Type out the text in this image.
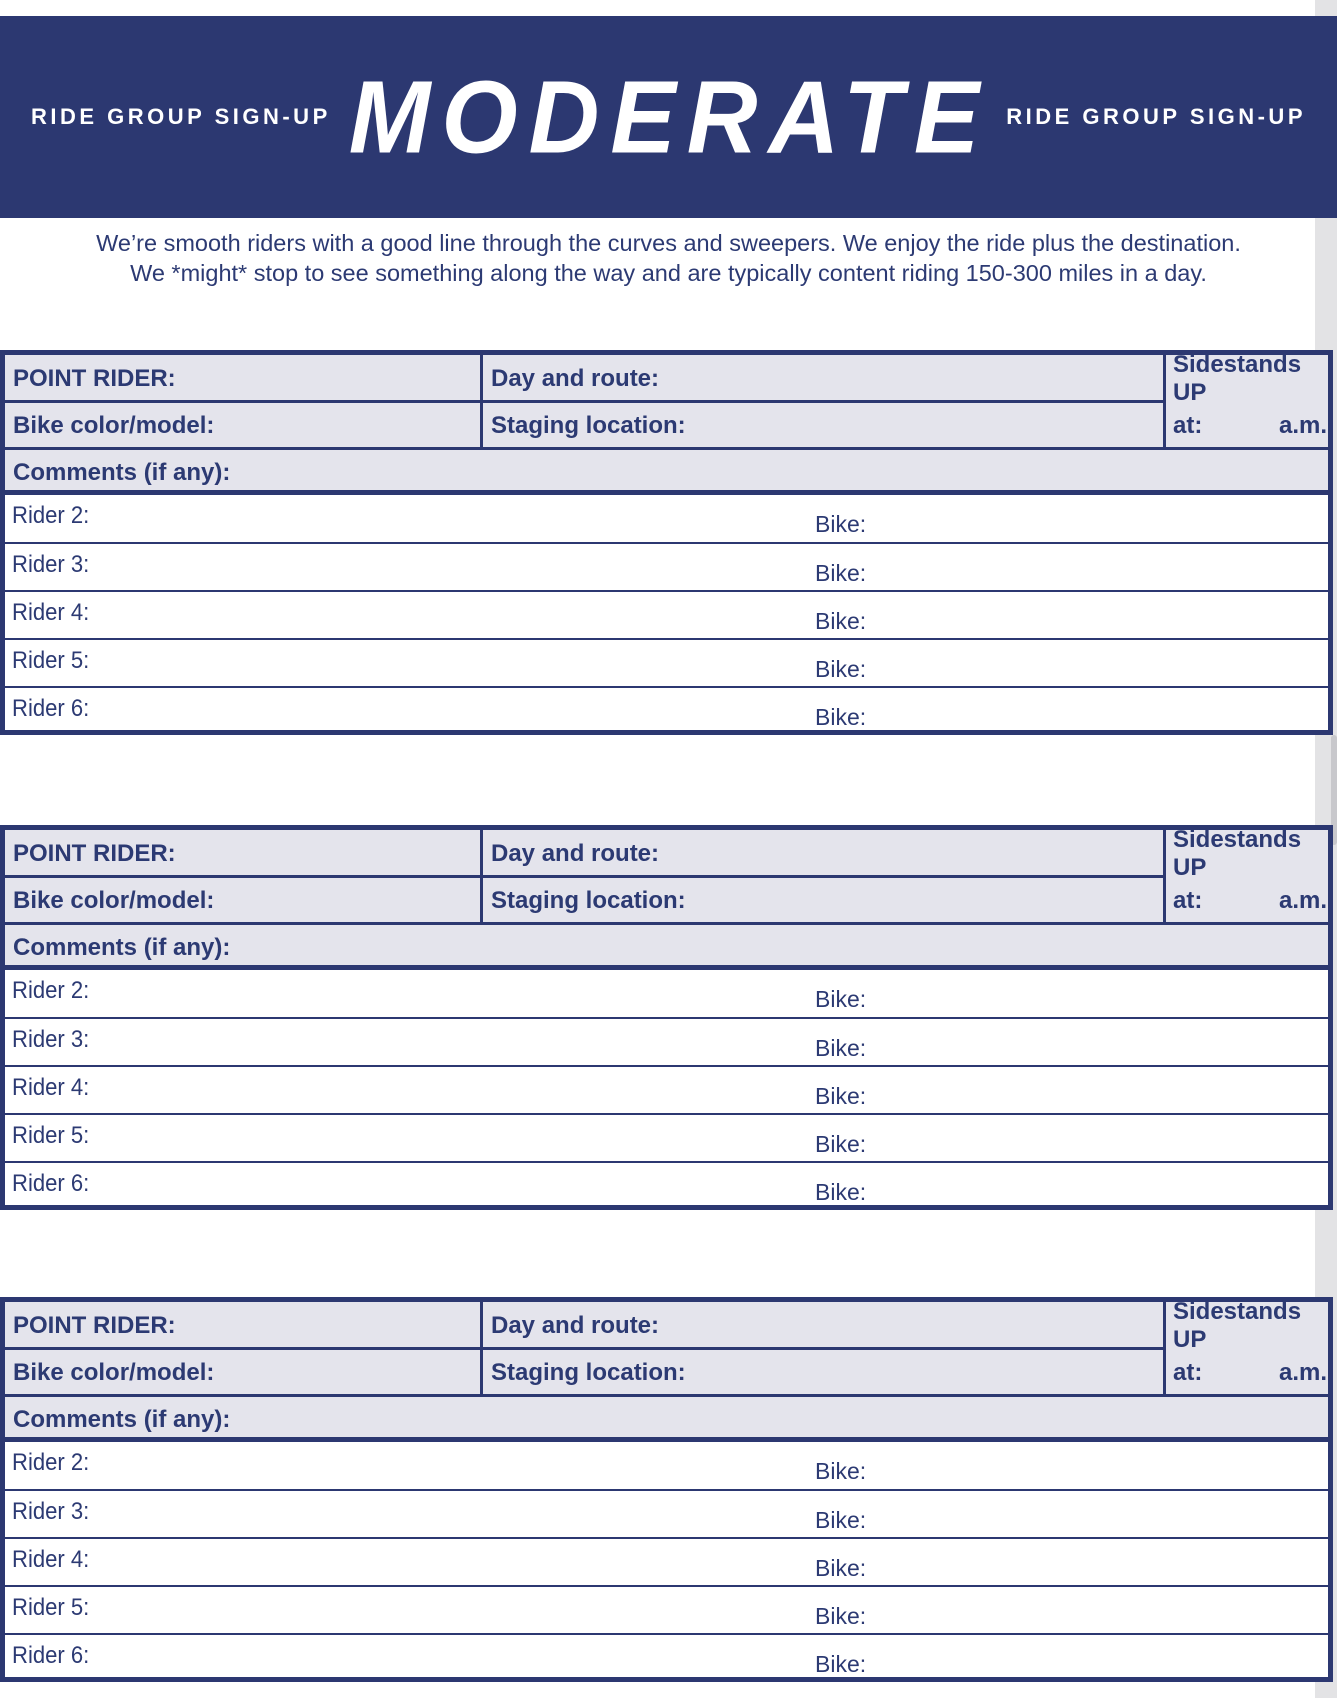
RIDE GROUP SIGN-UP MODERATE RIDE GROUP SIGN-UP

We’re smooth riders with a good line through the curves and sweepers. We enjoy the ride plus the destination.

We *might* stop to see something along the way and are typically content riding 150-300 miles in a day.

POINT RIDER:	Day and route:
Sidestands UP
Bike color/model:	Staging location:	at:	a.m.
Comments (if any):
Rider 2:	Bike:
Rider 3:	Bike:
Rider 4:	Bike:
Rider 5:	Bike:
Rider 6:	Bike:
POINT RIDER:	Day and route:
Sidestands UP
Bike color/model:	Staging location:	at:	a.m.
Comments (if any):
Rider 2:	Bike:
Rider 3:	Bike:
Rider 4:	Bike:
Rider 5:	Bike:
Rider 6:	Bike:
POINT RIDER:	Day and route:
Sidestands UP
Bike color/model:	Staging location:	at:	a.m.
Comments (if any):
Rider 2:	Bike:
Rider 3:	Bike:
Rider 4:	Bike:
Rider 5:	Bike:
Rider 6:	Bike:
